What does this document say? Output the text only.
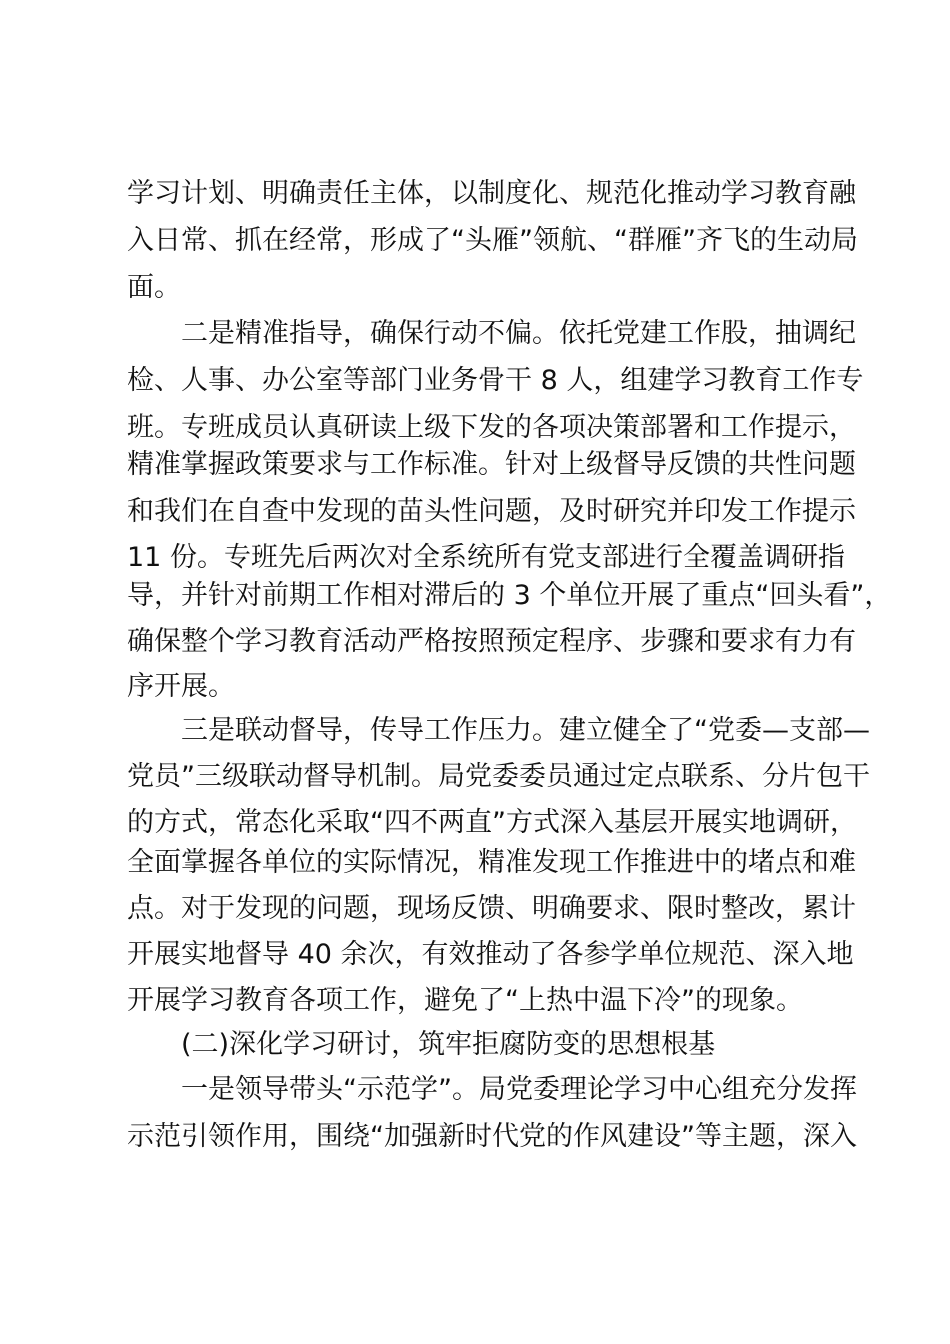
学习计划、明确责任主体，以制度化、规范化推动学习教育融
入日常、抓在经常，形成了“头雁”领航、“群雁”齐飞的生动局
面。
二是精准指导，确保行动不偏。依托党建工作股，抽调纪
检、人事、办公室等部门业务骨干 8 人，组建学习教育工作专
班。专班成员认真研读上级下发的各项决策部署和工作提示，
精准掌握政策要求与工作标准。针对上级督导反馈的共性问题
和我们在自查中发现的苗头性问题，及时研究并印发工作提示
11 份。专班先后两次对全系统所有党支部进行全覆盖调研指
导，并针对前期工作相对滞后的 3 个单位开展了重点“回头看”，
确保整个学习教育活动严格按照预定程序、步骤和要求有力有
序开展。
三是联动督导，传导工作压力。建立健全了“党委—支部—
党员”三级联动督导机制。局党委委员通过定点联系、分片包干
的方式，常态化采取“四不两直”方式深入基层开展实地调研，
全面掌握各单位的实际情况，精准发现工作推进中的堵点和难
点。对于发现的问题，现场反馈、明确要求、限时整改，累计
开展实地督导 40 余次，有效推动了各参学单位规范、深入地
开展学习教育各项工作，避免了“上热中温下冷”的现象。
(二)深化学习研讨，筑牢拒腐防变的思想根基
一是领导带头“示范学”。局党委理论学习中心组充分发挥
示范引领作用，围绕“加强新时代党的作风建设”等主题，深入
